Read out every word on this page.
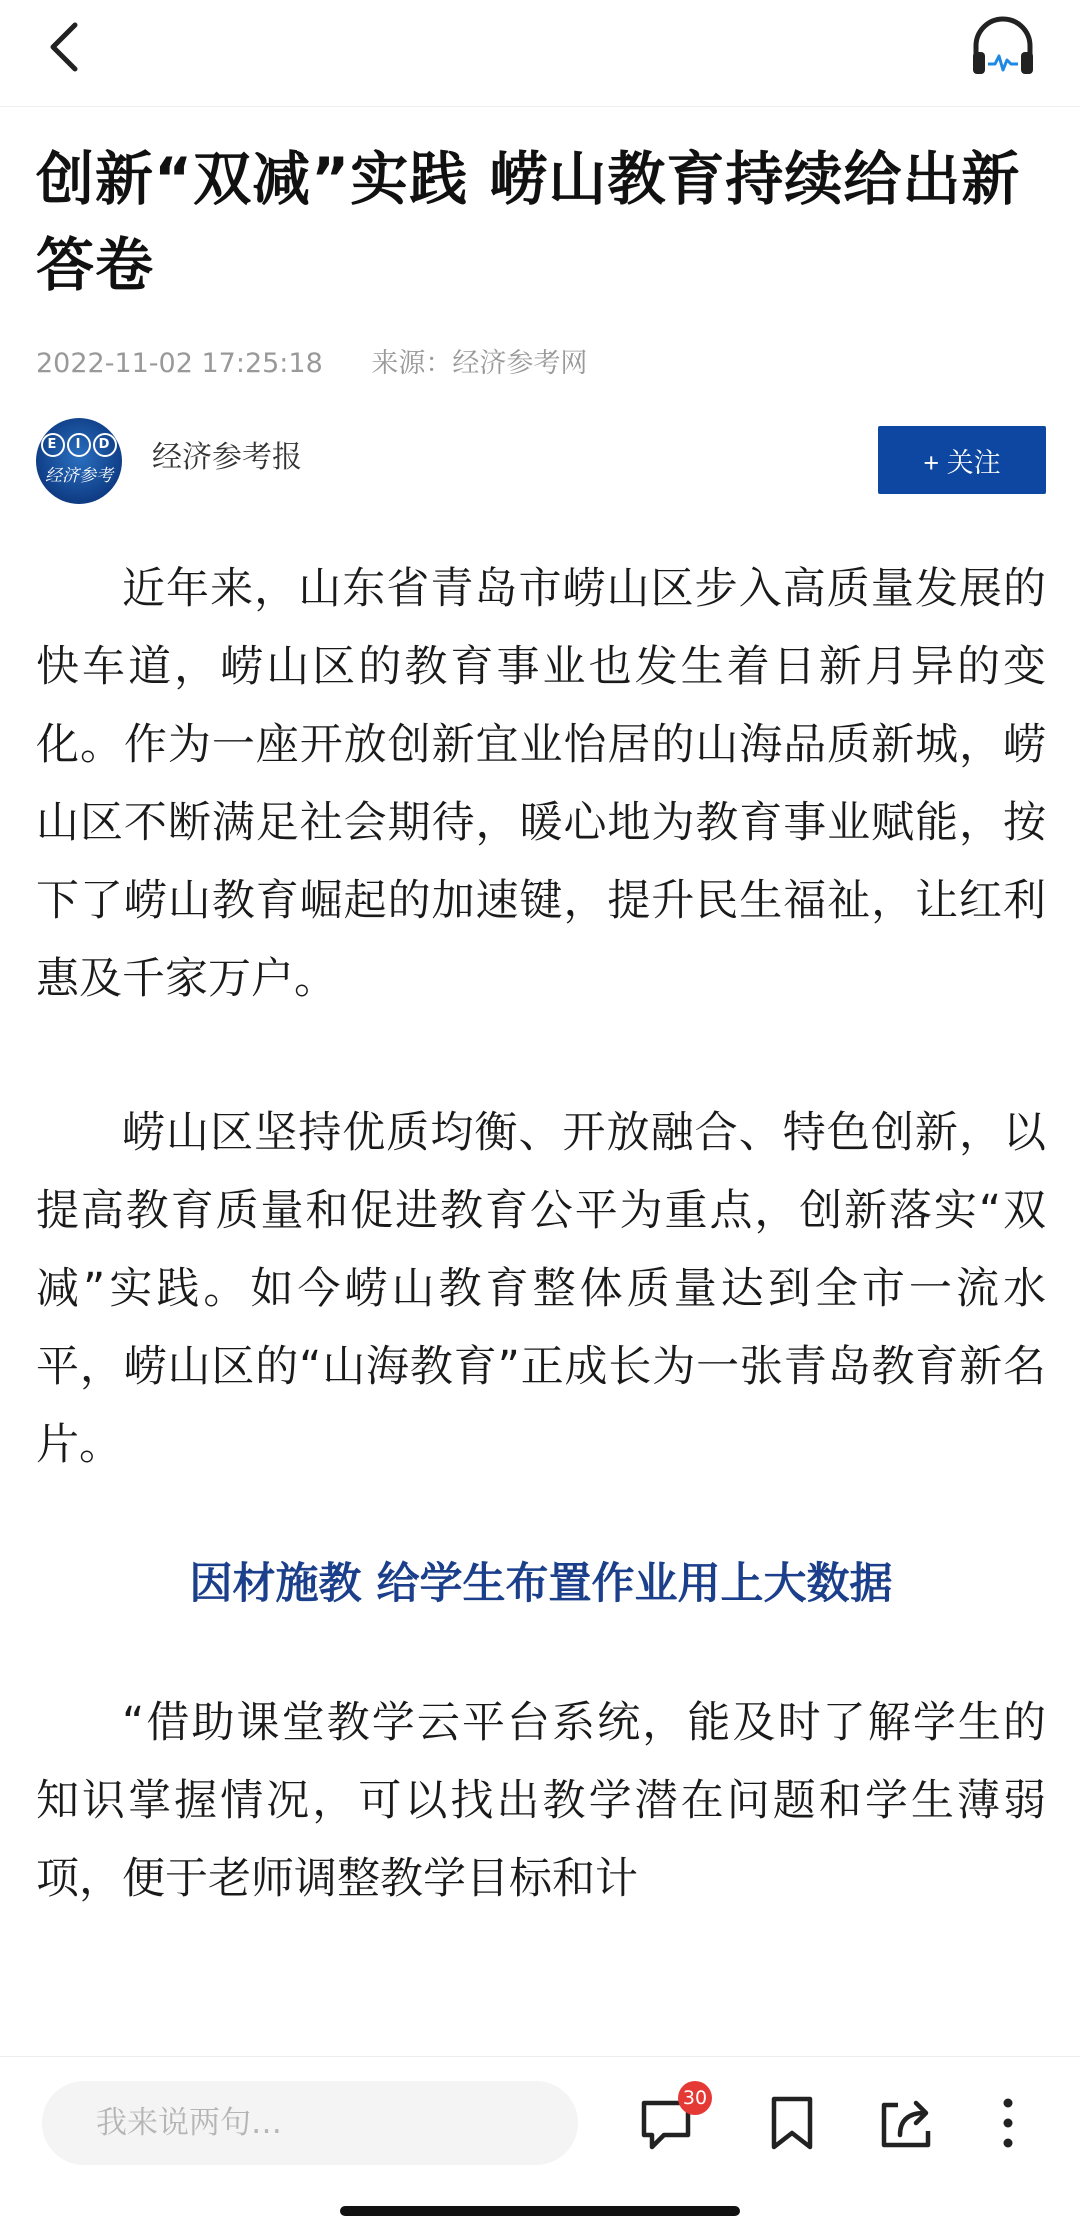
创新“双减”实践 崂山教育持续给出新答卷
2022-11-02 17:25:18 来源：经济参考网
E I D
经济参考
经济参考报	+ 关注

近年来，山东省青岛市崂山区步入高质量发展的快车道，崂山区的教育事业也发生着日新月异的变化。作为一座开放创新宜业怡居的山海品质新城，崂山区不断满足社会期待，暖心地为教育事业赋能，按下了崂山教育崛起的加速键，提升民生福祉，让红利惠及千家万户。

崂山区坚持优质均衡、开放融合、特色创新，以提高教育质量和促进教育公平为重点，创新落实“双减”实践。如今崂山教育整体质量达到全市一流水平，崂山区的“山海教育”正成长为一张青岛教育新名片。

因材施教 给学生布置作业用上大数据

“借助课堂教学云平台系统，能及时了解学生的知识掌握情况，可以找出教学潜在问题和学生薄弱项，便于老师调整教学目标和计

我来说两句…
30
